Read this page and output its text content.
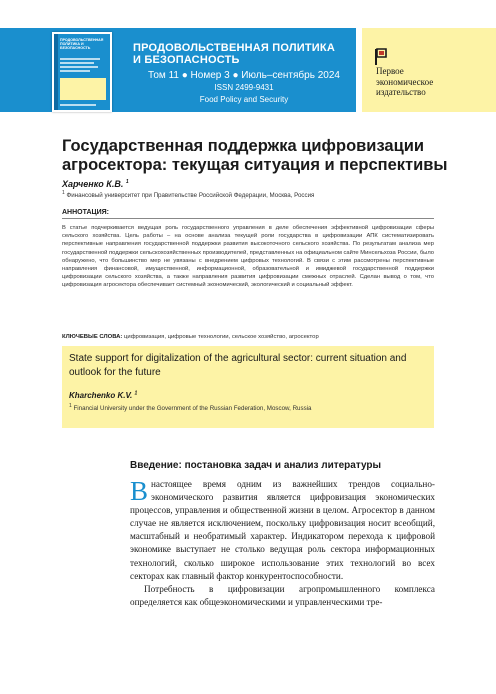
ПРОДОВОЛЬСТВЕННАЯ ПОЛИТИКА И БЕЗОПАСНОСТЬ	ПРОДОВОЛЬСТВЕННАЯ ПОЛИТИКА
И БЕЗОПАСНОСТЬ
Том 11 ● Номер 3 ● Июль–сентябрь 2024
ISSN 2499-9431
Food Policy and Security
Первое
экономическое
издательство
Государственная поддержка цифровизации агросектора: текущая ситуация и перспективы
Харченко К.В. $^1$
$^1$ Финансовый университет при Правительстве Российской Федерации, Москва, Россия
АННОТАЦИЯ:

В статье подчеркивается ведущая роль государственного управления в деле обеспечения эффективной цифровизации сферы сельского хозяйства. Цель работы – на основе анализа текущей роли государства в цифровизации АПК систематизировать перспективные направления государственной поддержки развития высокоточного сельского хозяйства. По результатам анализа мер государственной поддержки сельскохозяйственных производителей, представленных на официальном сайте Минсельхоза России, было обнаружено, что большинство мер не увязаны с внедрением цифровых технологий. В связи с этим рассмотрены перспективные направления финансовой, имущественной, информационной, образовательной и имиджевой государственной поддержки цифровизации сельского хозяйства, а также направления развития цифровизации смежных отраслей. Сделан вывод о том, что цифровизация агросектора обеспечивает системный экономический, экологический и социальный эффект.

КЛЮЧЕВЫЕ СЛОВА: цифровизация, цифровые технологии, сельское хозяйство, агросектор
State support for digitalization of the agricultural sector: current situation and outlook for the future
Kharchenko K.V. $^1$
$^1$ Financial University under the Government of the Russian Federation, Moscow, Russia
Введение: постановка задач и анализ литературы

Внастоящее время одним из важнейших трендов социально-экономического развития является цифровизация экономических процессов, управления и общественной жизни в целом. Агросектор в данном случае не является исключением, поскольку цифровизация носит всеобщий, масштабный и необратимый характер. Индикатором перехода к цифровой экономике выступает не столько ведущая роль сектора информационных технологий, сколько широкое использование этих технологий во всех секторах как главный фактор конкурентоспособности.

Потребность в цифровизации агропромышленного комплекса определяется как общеэкономическими и управленческими тре-
